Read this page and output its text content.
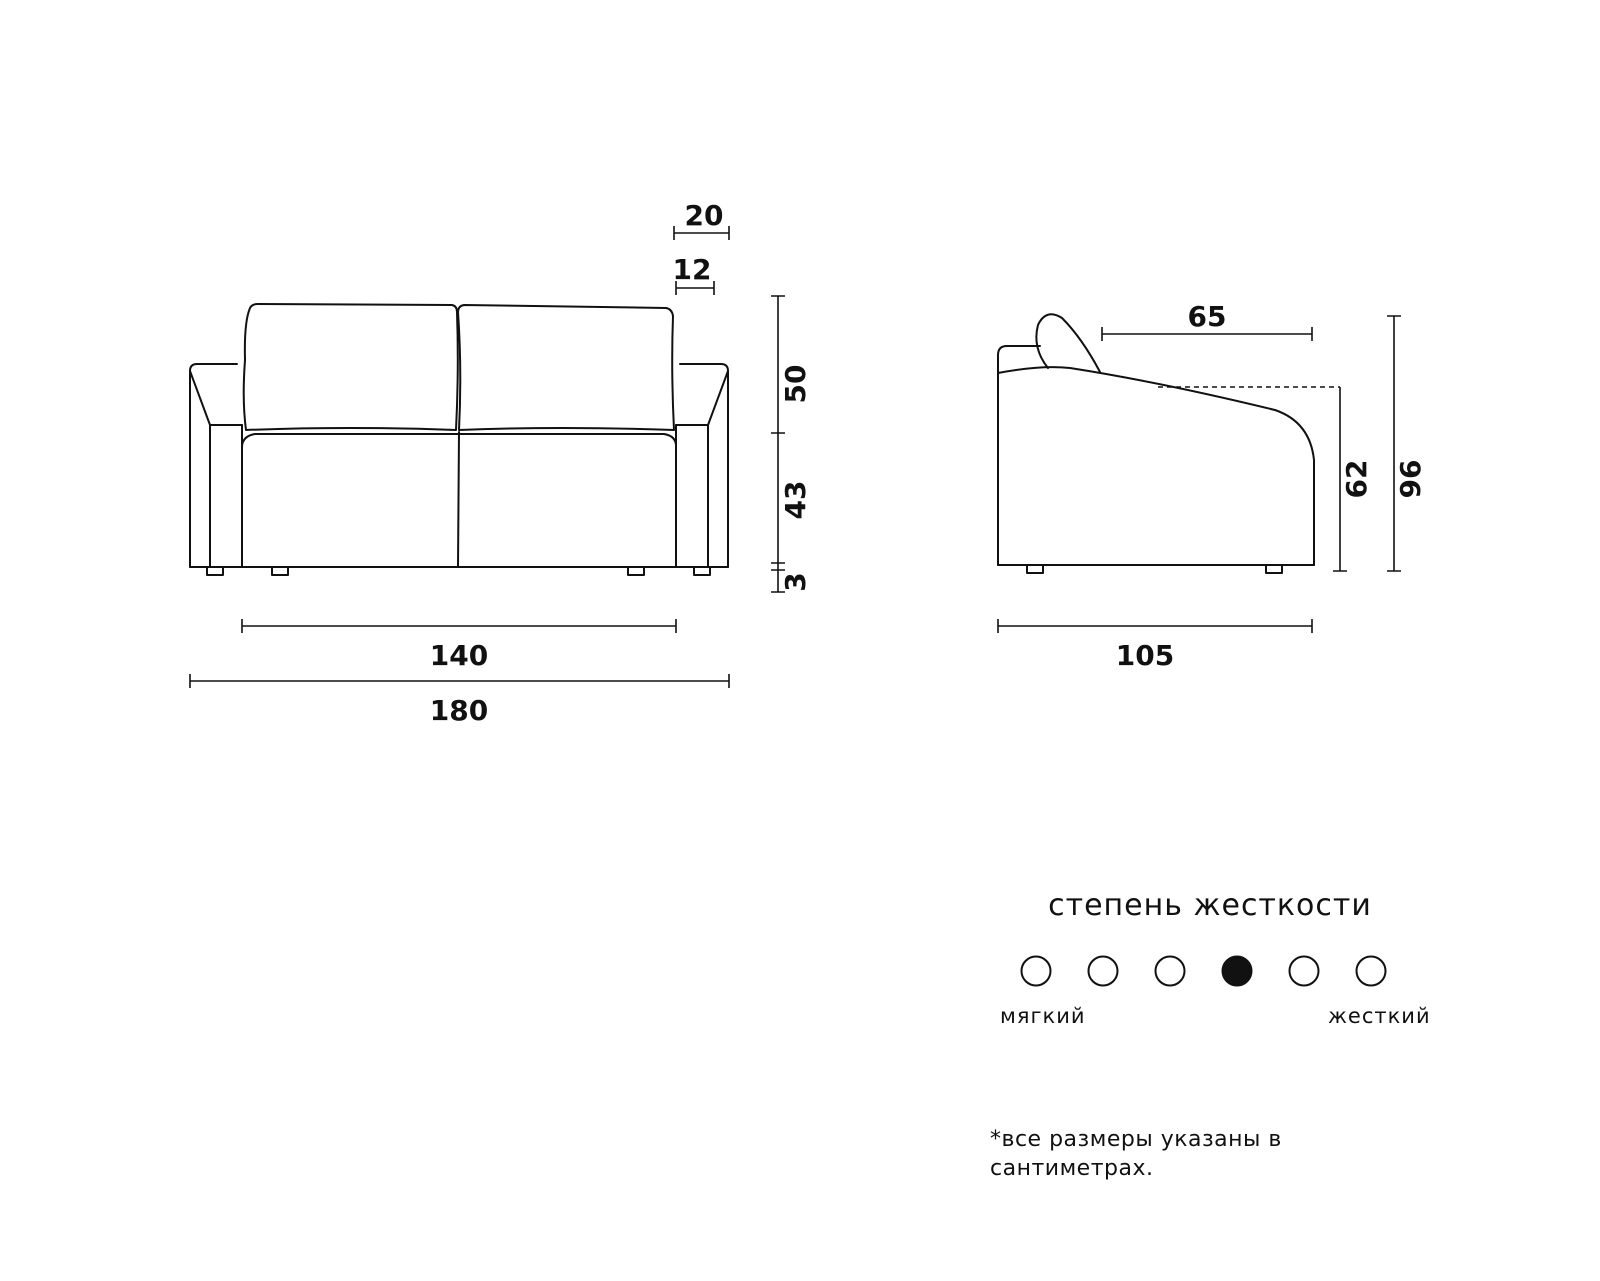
20
12
140
180
50
43
3
65
105
62 96
степень жесткости
мягкий	жесткий
*все размеры указаны в сантиметрах.
